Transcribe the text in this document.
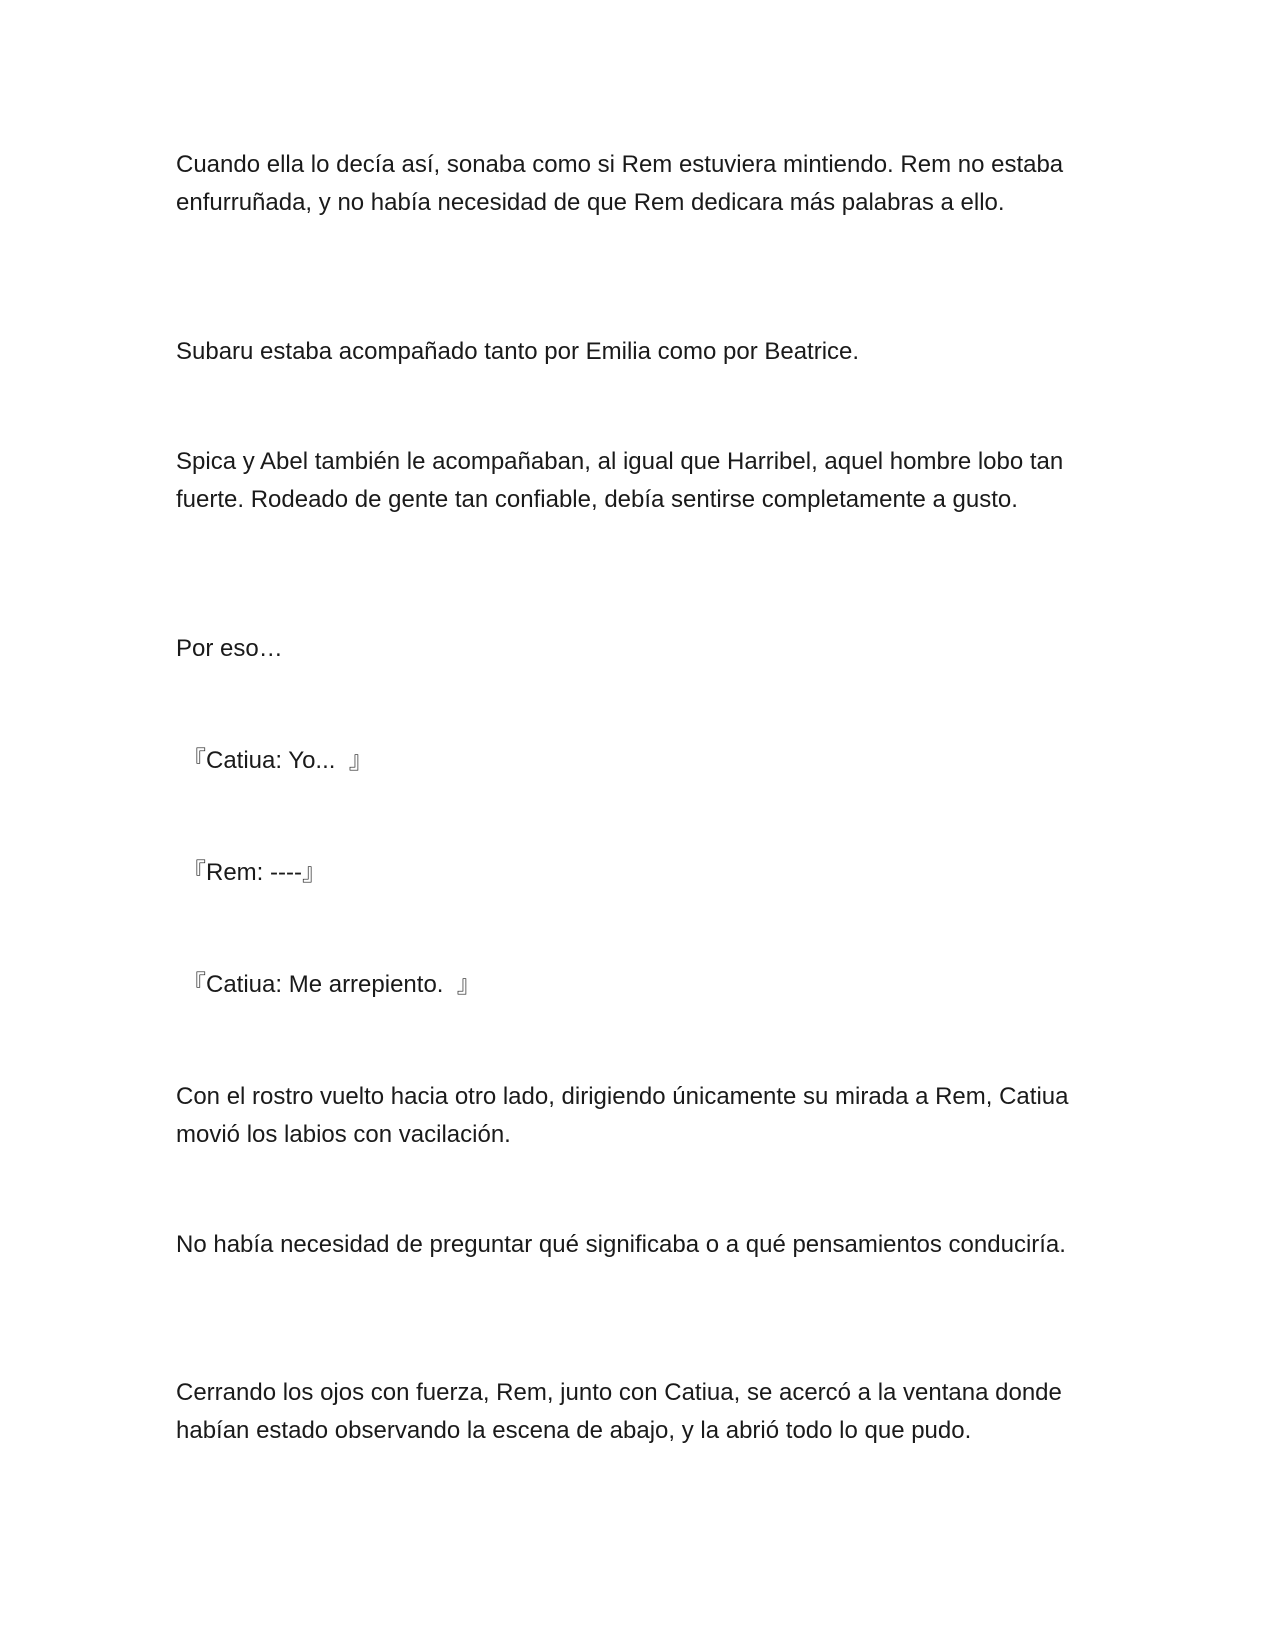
Cuando ella lo decía así, sonaba como si Rem estuviera mintiendo. Rem no estaba enfurruñada, y no había necesidad de que Rem dedicara más palabras a ello.

Subaru estaba acompañado tanto por Emilia como por Beatrice.

Spica y Abel también le acompañaban, al igual que Harribel, aquel hombre lobo tan fuerte. Rodeado de gente tan confiable, debía sentirse completamente a gusto.

Por eso…

『Catiua: Yo...  』

『Rem: ----』

『Catiua: Me arrepiento.  』

Con el rostro vuelto hacia otro lado, dirigiendo únicamente su mirada a Rem, Catiua movió los labios con vacilación.

No había necesidad de preguntar qué significaba o a qué pensamientos conduciría.

Cerrando los ojos con fuerza, Rem, junto con Catiua, se acercó a la ventana donde habían estado observando la escena de abajo, y la abrió todo lo que pudo.
